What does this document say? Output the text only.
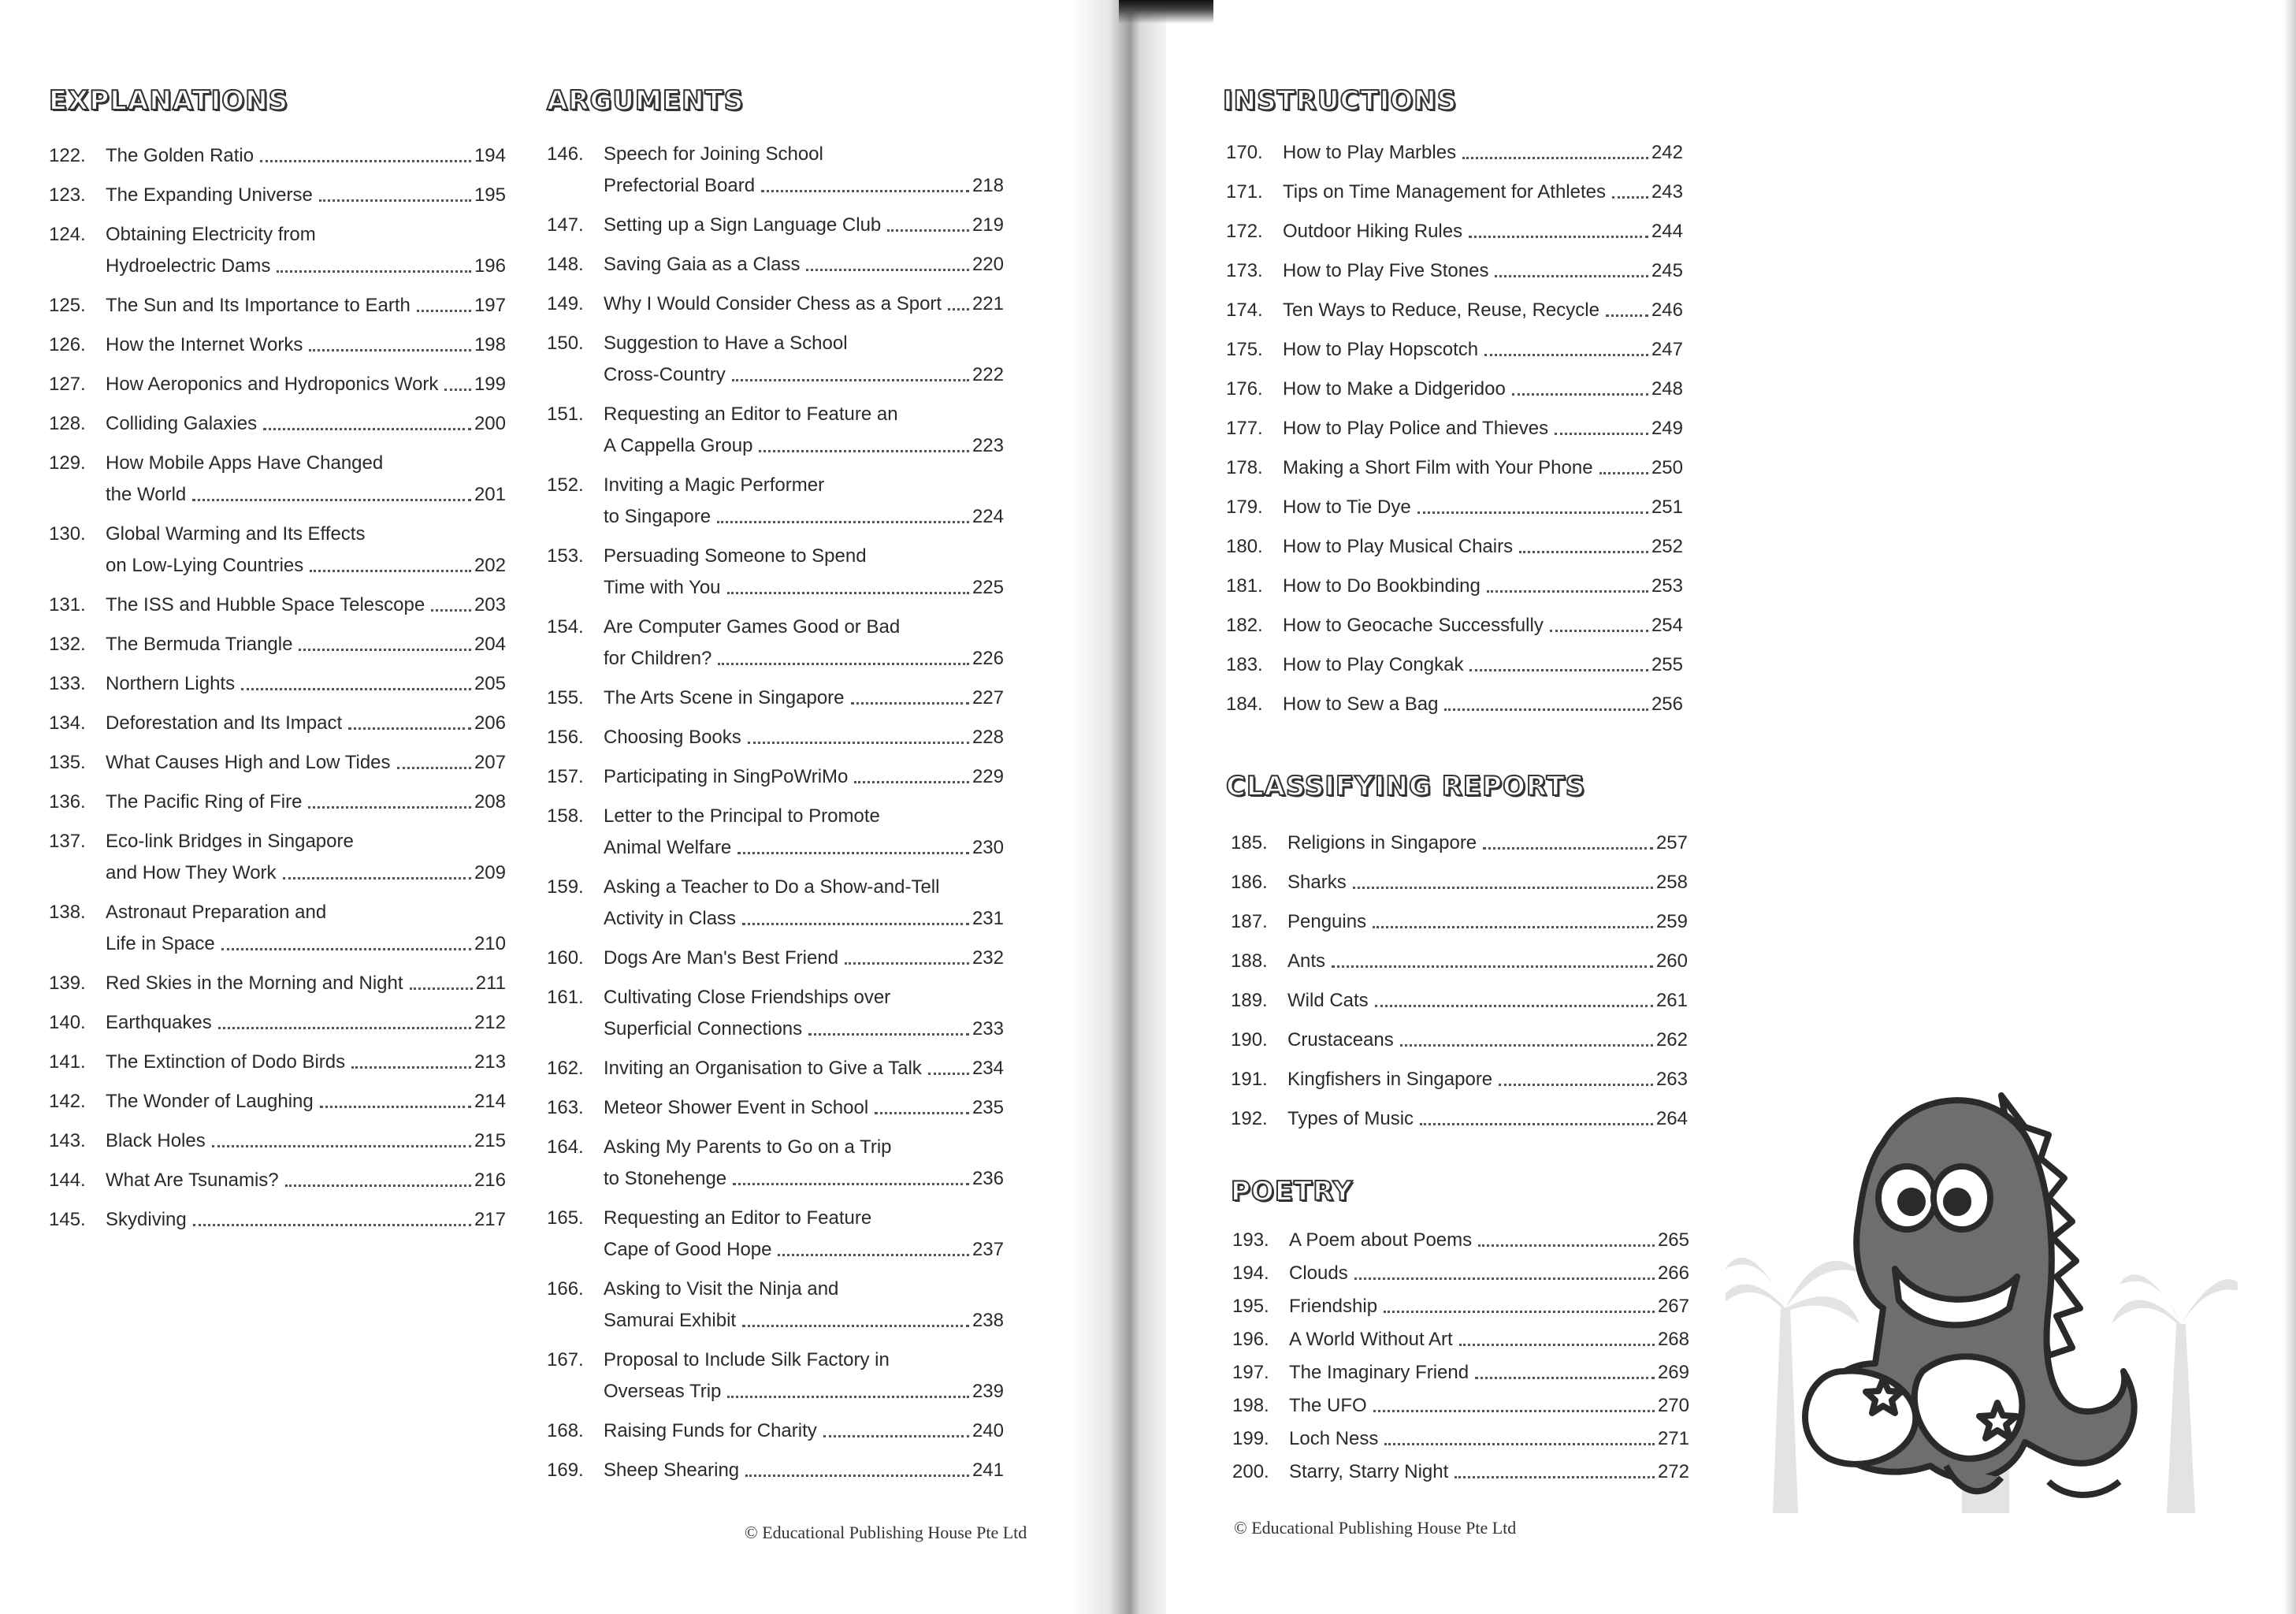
EXPLANATIONS
122.	The Golden Ratio	194
123.	The Expanding Universe	195
124.	Obtaining Electricity from
Hydroelectric Dams	196
125.	The Sun and Its Importance to Earth	197
126.	How the Internet Works	198
127.	How Aeroponics and Hydroponics Work 199
128.	Colliding Galaxies	200
129.	How Mobile Apps Have Changed
the World	201
130.	Global Warming and Its Effects
on Low-Lying Countries	202
131.	The ISS and Hubble Space Telescope	203
132.	The Bermuda Triangle	204
133.	Northern Lights	205
134.	Deforestation and Its Impact	206
135.	What Causes High and Low Tides	207
136.	The Pacific Ring of Fire	208
137.	Eco-link Bridges in Singapore
and How They Work	209
138.	Astronaut Preparation and
Life in Space	210
139.	Red Skies in the Morning and Night	211
140.	Earthquakes	212
141.	The Extinction of Dodo Birds	213
142.	The Wonder of Laughing	214
143.	Black Holes	215
144.	What Are Tsunamis?	216
145.	Skydiving	217
ARGUMENTS
146.	Speech for Joining School
Prefectorial Board	218
147.	Setting up a Sign Language Club	219
148.	Saving Gaia as a Class	220
149.	Why I Would Consider Chess as a Sport 221
150.	Suggestion to Have a School
Cross-Country	222
151.	Requesting an Editor to Feature an
A Cappella Group	223
152.	Inviting a Magic Performer
to Singapore	224
153.	Persuading Someone to Spend
Time with You	225
154.	Are Computer Games Good or Bad
for Children?	226
155.	The Arts Scene in Singapore	227
156.	Choosing Books	228
157.	Participating in SingPoWriMo	229
158.	Letter to the Principal to Promote
Animal Welfare	230
159.	Asking a Teacher to Do a Show-and-Tell
Activity in Class	231
160.	Dogs Are Man's Best Friend	232
161.	Cultivating Close Friendships over
Superficial Connections	233
162.	Inviting an Organisation to Give a Talk	234
163.	Meteor Shower Event in School	235
164.	Asking My Parents to Go on a Trip
to Stonehenge	236
165.	Requesting an Editor to Feature
Cape of Good Hope	237
166.	Asking to Visit the Ninja and
Samurai Exhibit	238
167.	Proposal to Include Silk Factory in
Overseas Trip	239
168.	Raising Funds for Charity	240
169.	Sheep Shearing	241
© Educational Publishing House Pte Ltd
INSTRUCTIONS
170.	How to Play Marbles	242
171.	Tips on Time Management for Athletes 243
172.	Outdoor Hiking Rules	244
173.	How to Play Five Stones	245
174.	Ten Ways to Reduce, Reuse, Recycle	246
175.	How to Play Hopscotch	247
176.	How to Make a Didgeridoo	248
177.	How to Play Police and Thieves	249
178.	Making a Short Film with Your Phone	250
179.	How to Tie Dye	251
180.	How to Play Musical Chairs	252
181.	How to Do Bookbinding	253
182.	How to Geocache Successfully	254
183.	How to Play Congkak	255
184.	How to Sew a Bag	256
CLASSIFYING REPORTS
185.	Religions in Singapore	257
186.	Sharks	258
187.	Penguins	259
188.	Ants	260
189.	Wild Cats	261
190.	Crustaceans	262
191.	Kingfishers in Singapore	263
192.	Types of Music	264
POETRY
193.	A Poem about Poems	265
194.	Clouds	266
195.	Friendship	267
196.	A World Without Art	268
197.	The Imaginary Friend	269
198.	The UFO	270
199.	Loch Ness	271
200.	Starry, Starry Night	272
© Educational Publishing House Pte Ltd
